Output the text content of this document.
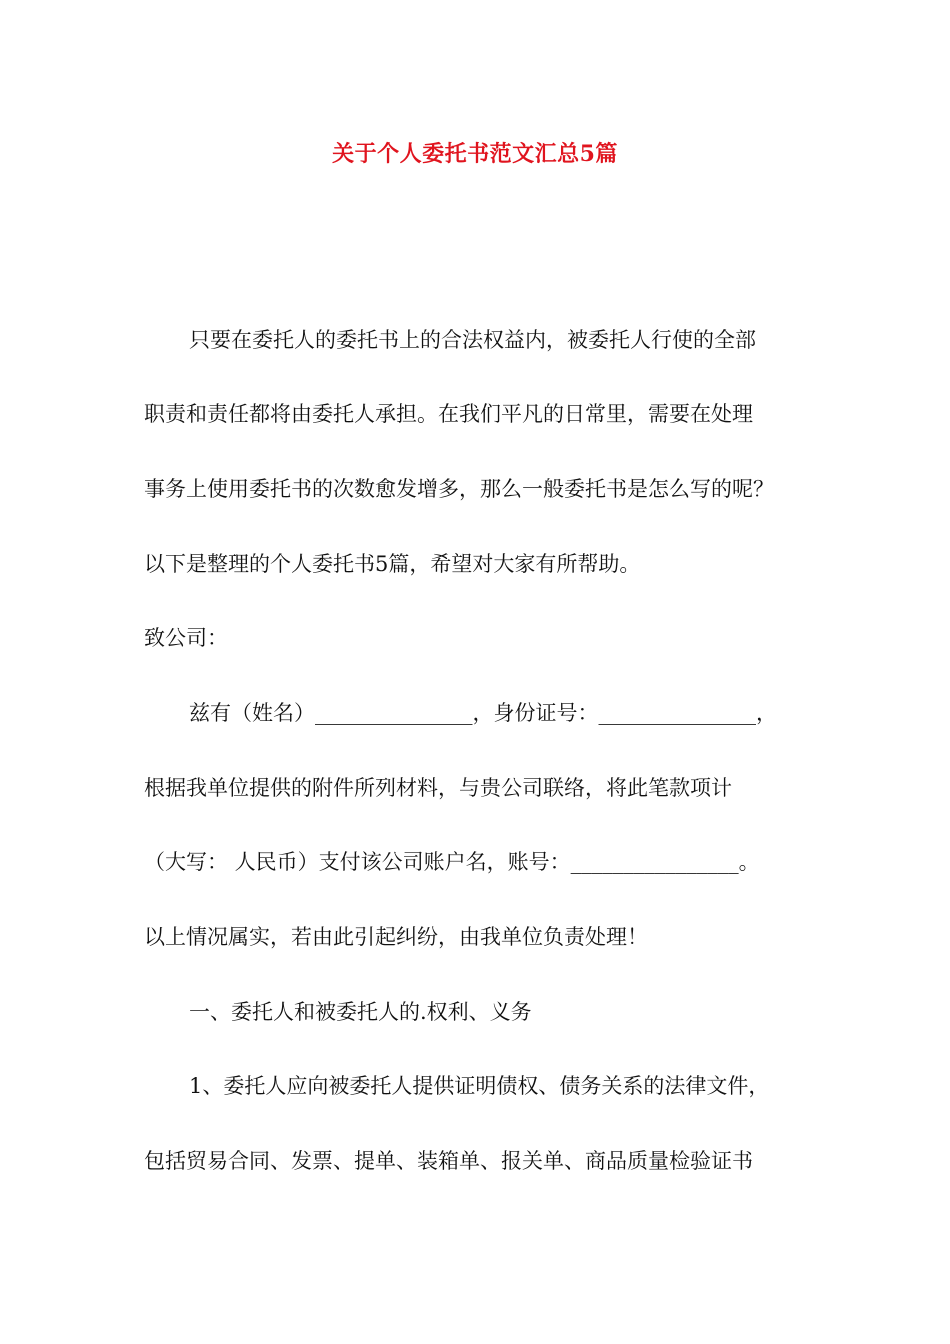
关于个人委托书范文汇总5篇
只要在委托人的委托书上的合法权益内，被委托人行使的全部
职责和责任都将由委托人承担。在我们平凡的日常里，需要在处理
事务上使用委托书的次数愈发增多，那么一般委托书是怎么写的呢？
以下是整理的个人委托书5篇，希望对大家有所帮助。
致公司：
兹有（姓名）_______________，身份证号：_______________，
根据我单位提供的附件所列材料，与贵公司联络，将此笔款项计
（大写： 人民币）支付该公司账户名，账号：________________。
以上情况属实，若由此引起纠纷，由我单位负责处理！
一、委托人和被委托人的.权利、义务
1、委托人应向被委托人提供证明债权、债务关系的法律文件，
包括贸易合同、发票、提单、装箱单、报关单、商品质量检验证书
